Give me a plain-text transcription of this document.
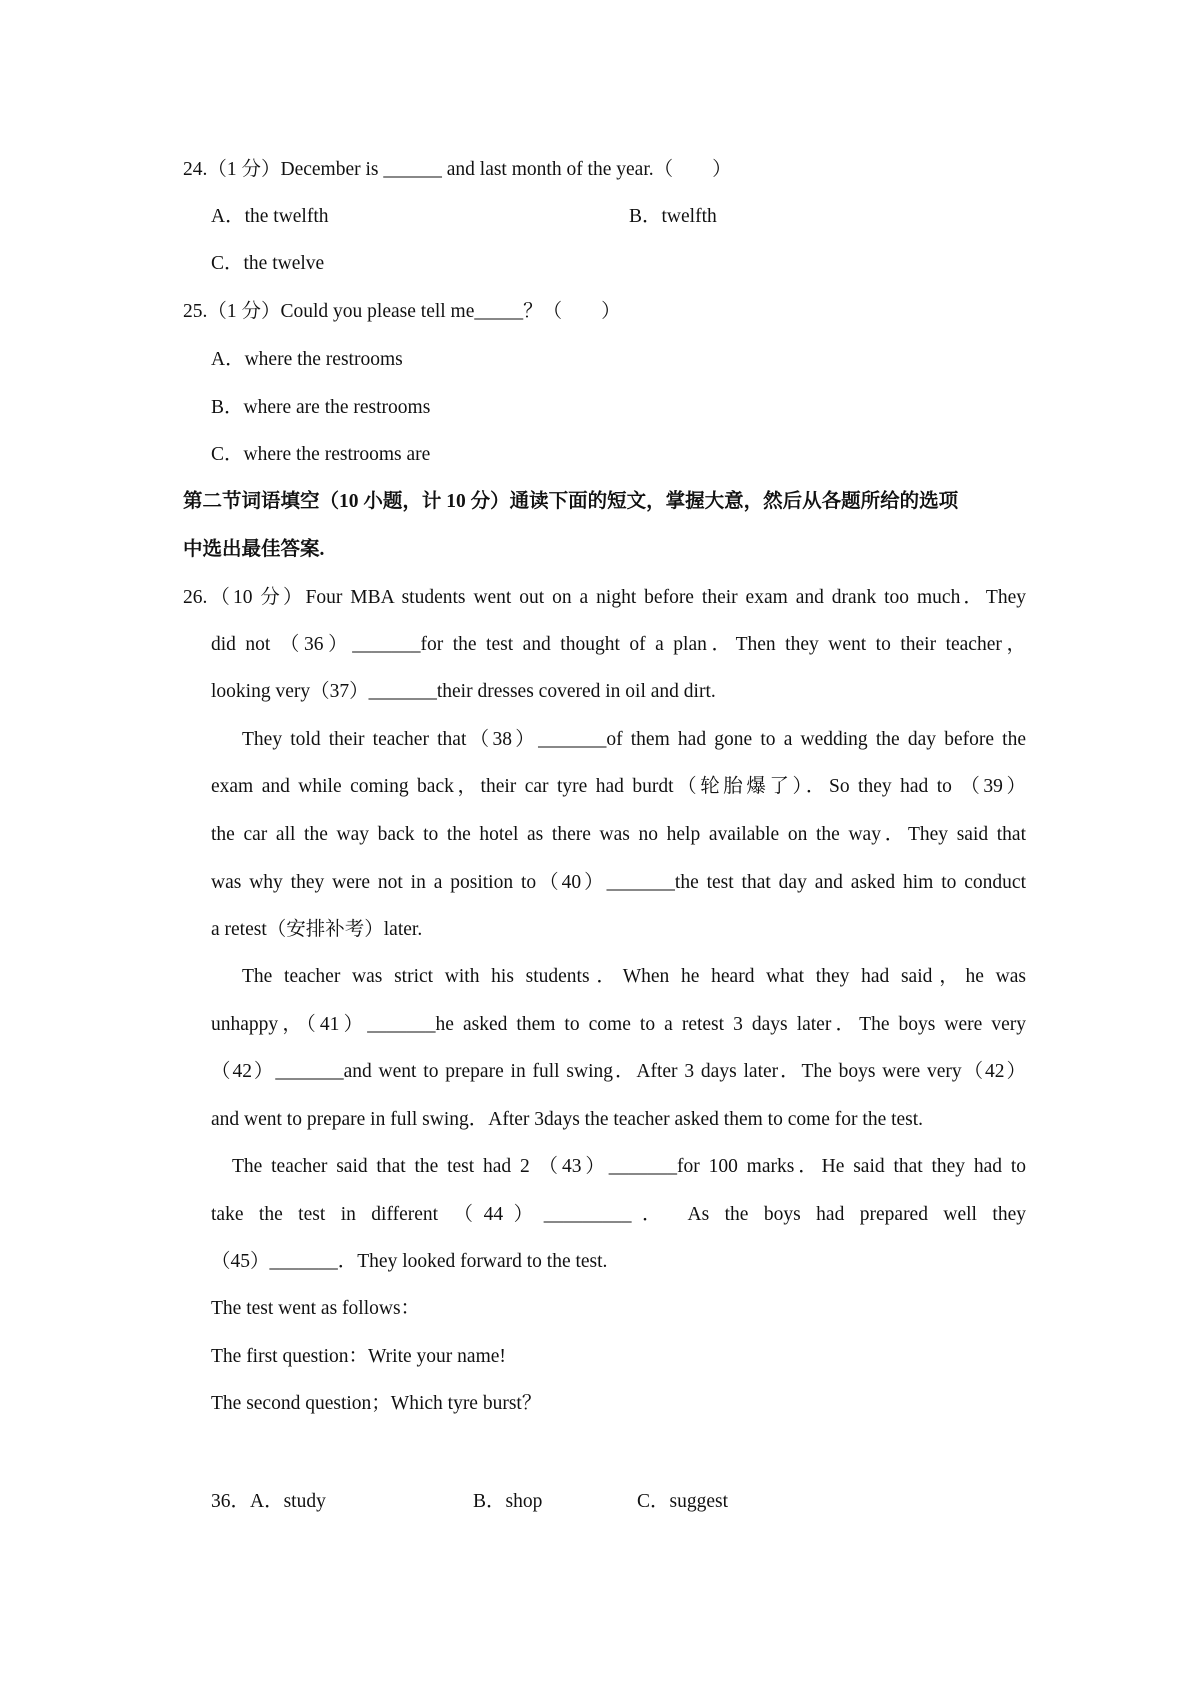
24.（1 分）December is ______ and last month of the year.（　　）
A．the twelfth	B．twelfth
C．the twelve
25.（1 分）Could you please tell me_____？（　　）
A．where the restrooms
B．where are the restrooms
C．where the restrooms are
第二节词语填空（10 小题，计 10 分）通读下面的短文，掌握大意，然后从各题所给的选项
中选出最佳答案.
26.（10 分）Four MBA students went out on a night before their exam and drank too much．They
did not （36）_______for the test and thought of a plan．Then they went to their teacher，
looking very（37）_______their dresses covered in oil and dirt.
They told their teacher that（38）_______of them had gone to a wedding the day before the
exam and while coming back，their car tyre had burdt（轮胎爆了）．So they had to （39）
the car all the way back to the hotel as there was no help available on the way．They said that
was why they were not in a position to（40）_______the test that day and asked him to conduct
a retest（安排补考）later.
The teacher was strict with his students．When he heard what they had said，he was
unhappy，（41）_______he asked them to come to a retest 3 days later．The boys were very
（42）_______and went to prepare in full swing．After 3 days later．The boys were very（42）
and went to prepare in full swing．After 3days the teacher asked them to come for the test.
The teacher said that the test had 2 （43）_______for 100 marks．He said that they had to
take the test in different （44）_________． As the boys had prepared well they
（45）_______．They looked forward to the test.
The test went as follows：
The first question：Write your name!
The second question；Which tyre burst？
36．A．study	B．shop	C．suggest
